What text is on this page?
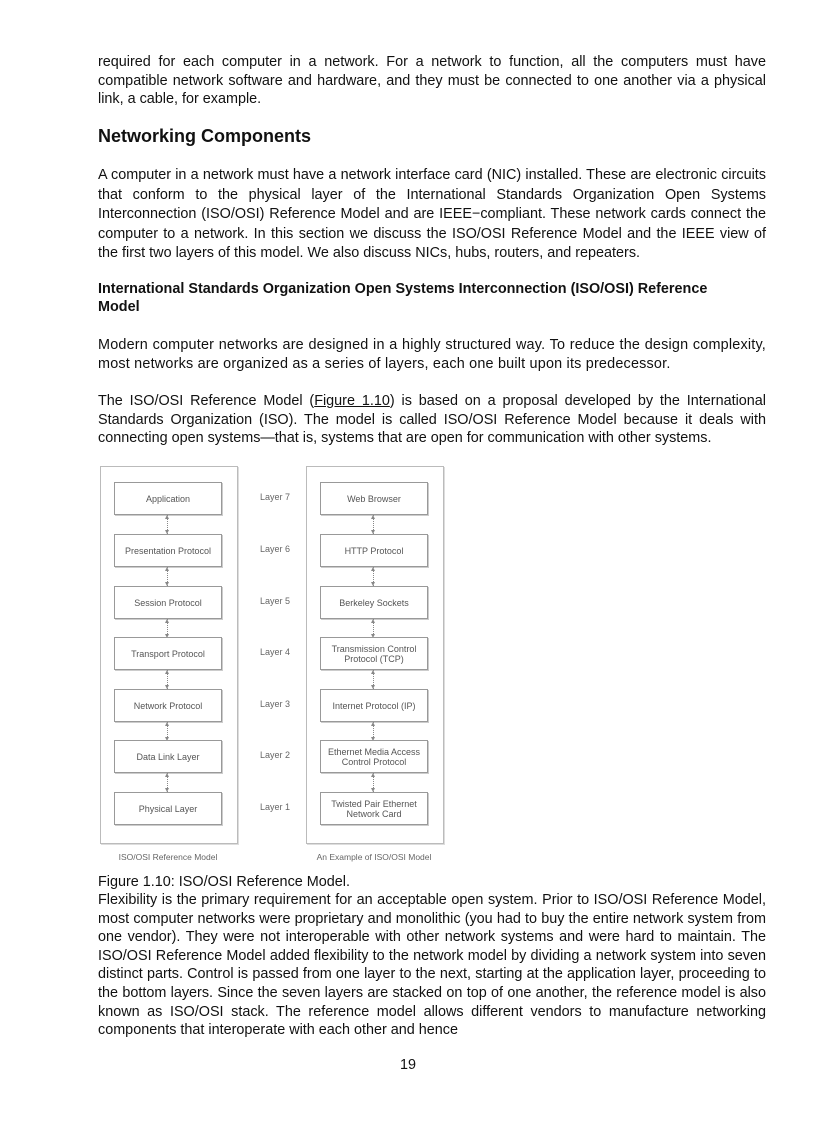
required for each computer in a network. For a network to function, all the computers must have compatible network software and hardware, and they must be connected to one another via a physical link, a cable, for example.

Networking Components

A computer in a network must have a network interface card (NIC) installed. These are electronic circuits that conform to the physical layer of the International Standards Organization Open Systems Interconnection (ISO/OSI) Reference Model and are IEEE−compliant. These network cards connect the computer to a network. In this section we discuss the ISO/OSI Reference Model and the IEEE view of the first two layers of this model. We also discuss NICs, hubs, routers, and repeaters.

International Standards Organization Open Systems Interconnection (ISO/OSI) Reference Model

Modern computer networks are designed in a highly structured way. To reduce the design complexity, most networks are organized as a series of layers, each one built upon its predecessor.

The ISO/OSI Reference Model (Figure 1.10) is based on a proposal developed by the International Standards Organization (ISO). The model is called ISO/OSI Reference Model because it deals with connecting open systems—that is, systems that are open for communication with other systems.

Application
Presentation Protocol
Session Protocol
Transport Protocol
Network Protocol
Data Link Layer
Physical Layer
Web Browser
HTTP Protocol
Berkeley Sockets
Transmission Control Protocol (TCP)
Internet Protocol (IP)
Ethernet Media Access Control Protocol
Twisted Pair Ethernet Network Card
Layer 7
Layer 6
Layer 5
Layer 4
Layer 3
Layer 2
Layer 1
ISO/OSI Reference Model	An Example of ISO/OSI Model
Figure 1.10: ISO/OSI Reference Model.

Flexibility is the primary requirement for an acceptable open system. Prior to ISO/OSI Reference Model, most computer networks were proprietary and monolithic (you had to buy the entire network system from one vendor). They were not interoperable with other network systems and were hard to maintain. The ISO/OSI Reference Model added flexibility to the network model by dividing a network system into seven distinct parts. Control is passed from one layer to the next, starting at the application layer, proceeding to the bottom layers. Since the seven layers are stacked on top of one another, the reference model is also known as ISO/OSI stack. The reference model allows different vendors to manufacture networking components that interoperate with each other and hence

19
